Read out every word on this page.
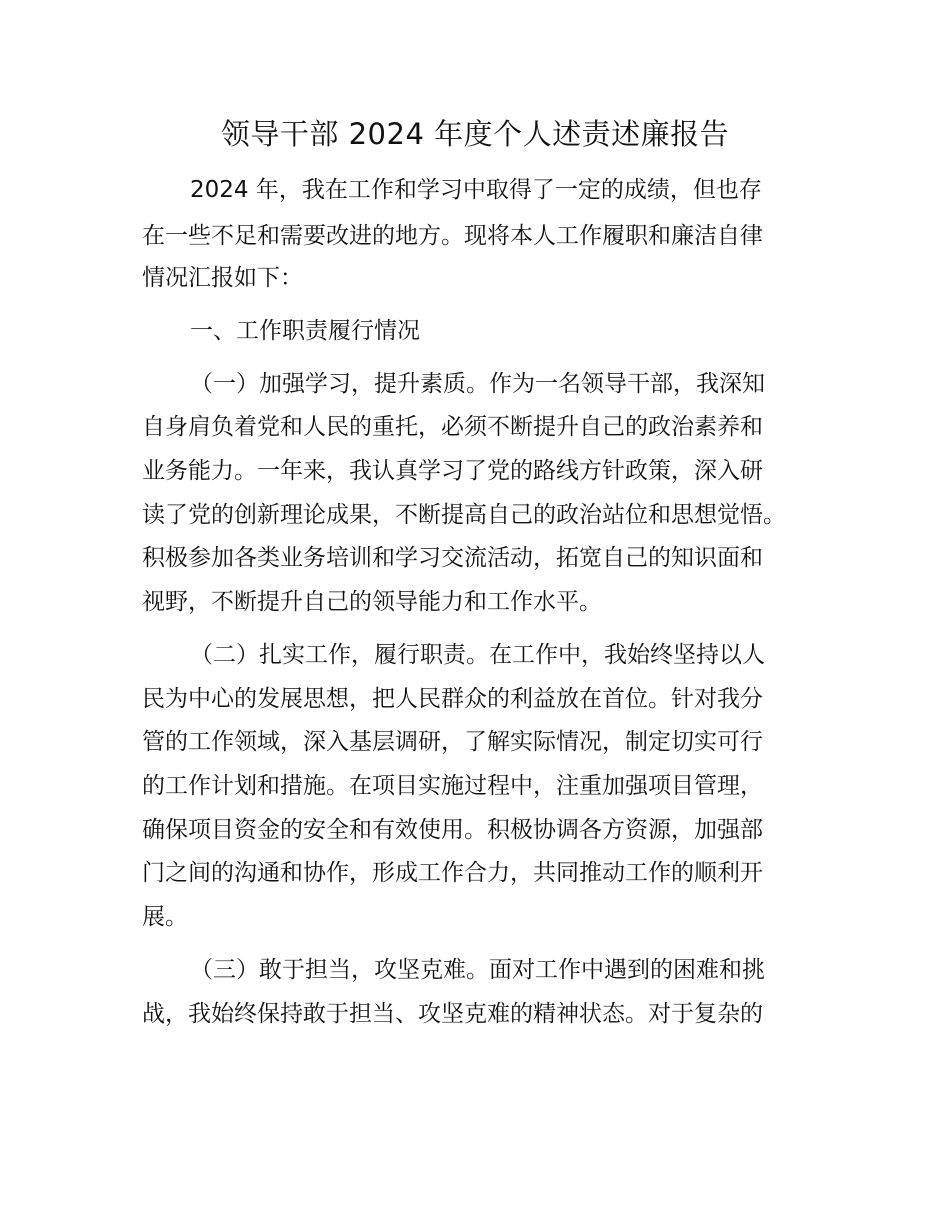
领导干部 2024 年度个人述责述廉报告

2024 年，我在工作和学习中取得了一定的成绩，但也存

在一些不足和需要改进的地方。现将本人工作履职和廉洁自律

情况汇报如下：

一、工作职责履行情况

（一）加强学习，提升素质。作为一名领导干部，我深知

自身肩负着党和人民的重托，必须不断提升自己的政治素养和

业务能力。一年来，我认真学习了党的路线方针政策，深入研

读了党的创新理论成果，不断提高自己的政治站位和思想觉悟。

积极参加各类业务培训和学习交流活动，拓宽自己的知识面和

视野，不断提升自己的领导能力和工作水平。

（二）扎实工作，履行职责。在工作中，我始终坚持以人

民为中心的发展思想，把人民群众的利益放在首位。针对我分

管的工作领域，深入基层调研，了解实际情况，制定切实可行

的工作计划和措施。在项目实施过程中，注重加强项目管理，

确保项目资金的安全和有效使用。积极协调各方资源，加强部

门之间的沟通和协作，形成工作合力，共同推动工作的顺利开

展。

（三）敢于担当，攻坚克难。面对工作中遇到的困难和挑

战，我始终保持敢于担当、攻坚克难的精神状态。对于复杂的
